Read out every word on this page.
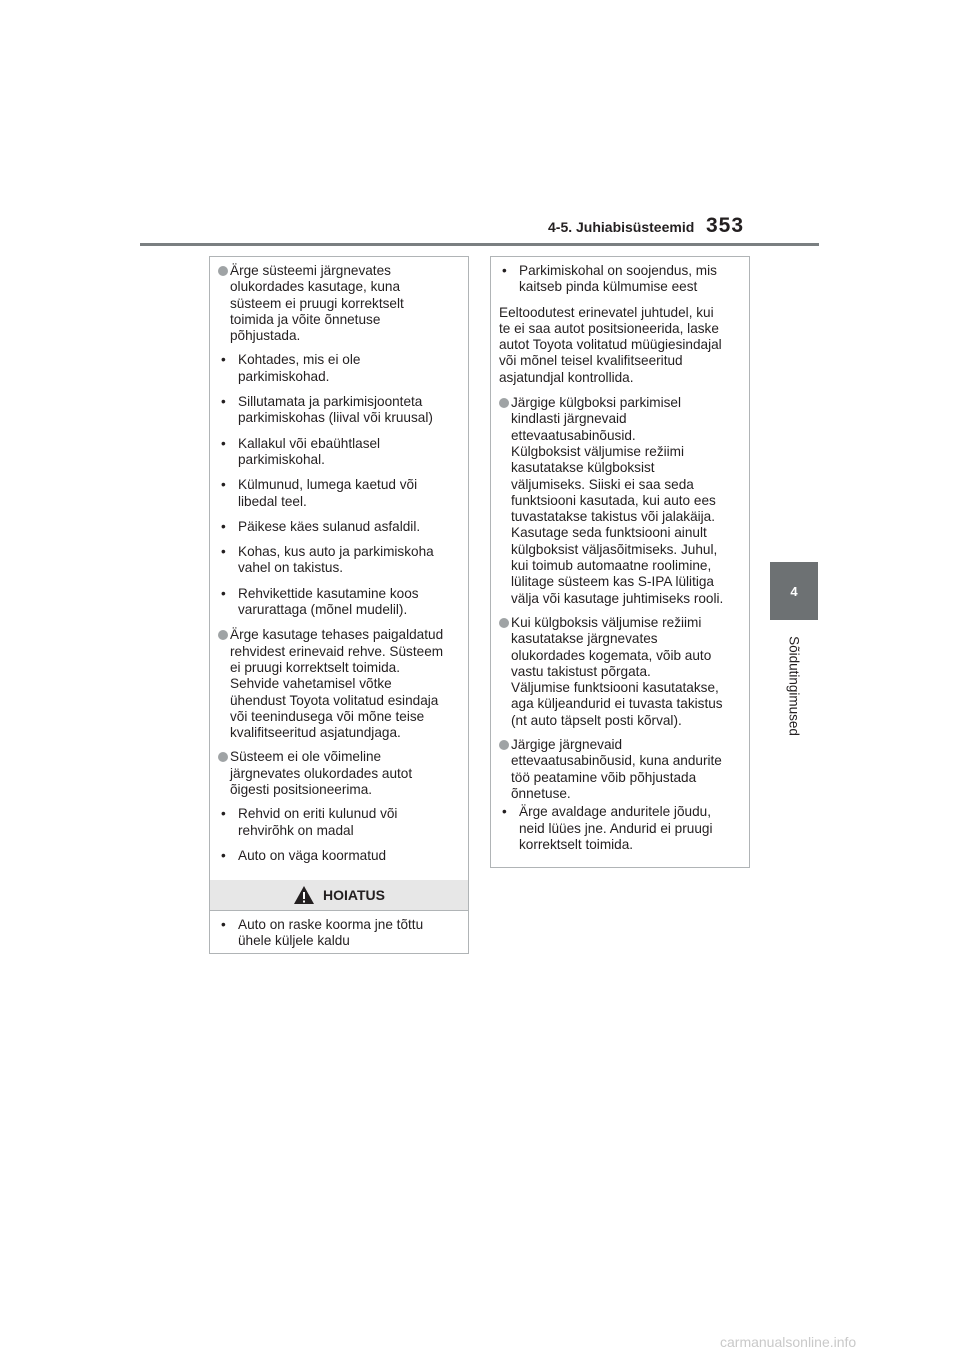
4-5. Juhiabisüsteemid 353
4
Sõidutingimused
Ärge süsteemi järgnevates
olukordades kasutage, kuna
süsteem ei pruugi korrektselt
toimida ja võite õnnetuse
põhjustada.
• Kohtades, mis ei ole
parkimiskohad.
• Sillutamata ja parkimisjoonteta
parkimiskohas (liival või kruusal)
• Kallakul või ebaühtlasel
parkimiskohal.
• Külmunud, lumega kaetud või
libedal teel.
• Päikese käes sulanud asfaldil.
• Kohas, kus auto ja parkimiskoha
vahel on takistus.
• Rehvikettide kasutamine koos
varurattaga (mõnel mudelil).
Ärge kasutage tehases paigaldatud
rehvidest erinevaid rehve. Süsteem
ei pruugi korrektselt toimida.
Sehvide vahetamisel võtke
ühendust Toyota volitatud esindaja
või teenindusega või mõne teise
kvalifitseeritud asjatundjaga.
Süsteem ei ole võimeline
järgnevates olukordades autot
õigesti positsioneerima.
• Rehvid on eriti kulunud või
rehvirõhk on madal
• Auto on väga koormatud
HOIATUS
• Auto on raske koorma jne tõttu
ühele küljele kaldu
• Parkimiskohal on soojendus, mis
kaitseb pinda külmumise eest
Eeltoodutest erinevatel juhtudel, kui
te ei saa autot positsioneerida, laske
autot Toyota volitatud müügiesindajal
või mõnel teisel kvalifitseeritud
asjatundjal kontrollida.
Järgige külgboksi parkimisel
kindlasti järgnevaid
ettevaatusabinõusid.
Külgboksist väljumise režiimi
kasutatakse külgboksist
väljumiseks. Siiski ei saa seda
funktsiooni kasutada, kui auto ees
tuvastatakse takistus või jalakäija.
Kasutage seda funktsiooni ainult
külgboksist väljasõitmiseks. Juhul,
kui toimub automaatne roolimine,
lülitage süsteem kas S-IPA lülitiga
välja või kasutage juhtimiseks rooli.
Kui külgboksis väljumise režiimi
kasutatakse järgnevates
olukordades kogemata, võib auto
vastu takistust põrgata.
Väljumise funktsiooni kasutatakse,
aga küljeandurid ei tuvasta takistus
(nt auto täpselt posti kõrval).
Järgige järgnevaid
ettevaatusabinõusid, kuna andurite
töö peatamine võib põhjustada
õnnetuse.
• Ärge avaldage anduritele jõudu,
neid lüües jne. Andurid ei pruugi
korrektselt toimida.
carmanualsonline.info
